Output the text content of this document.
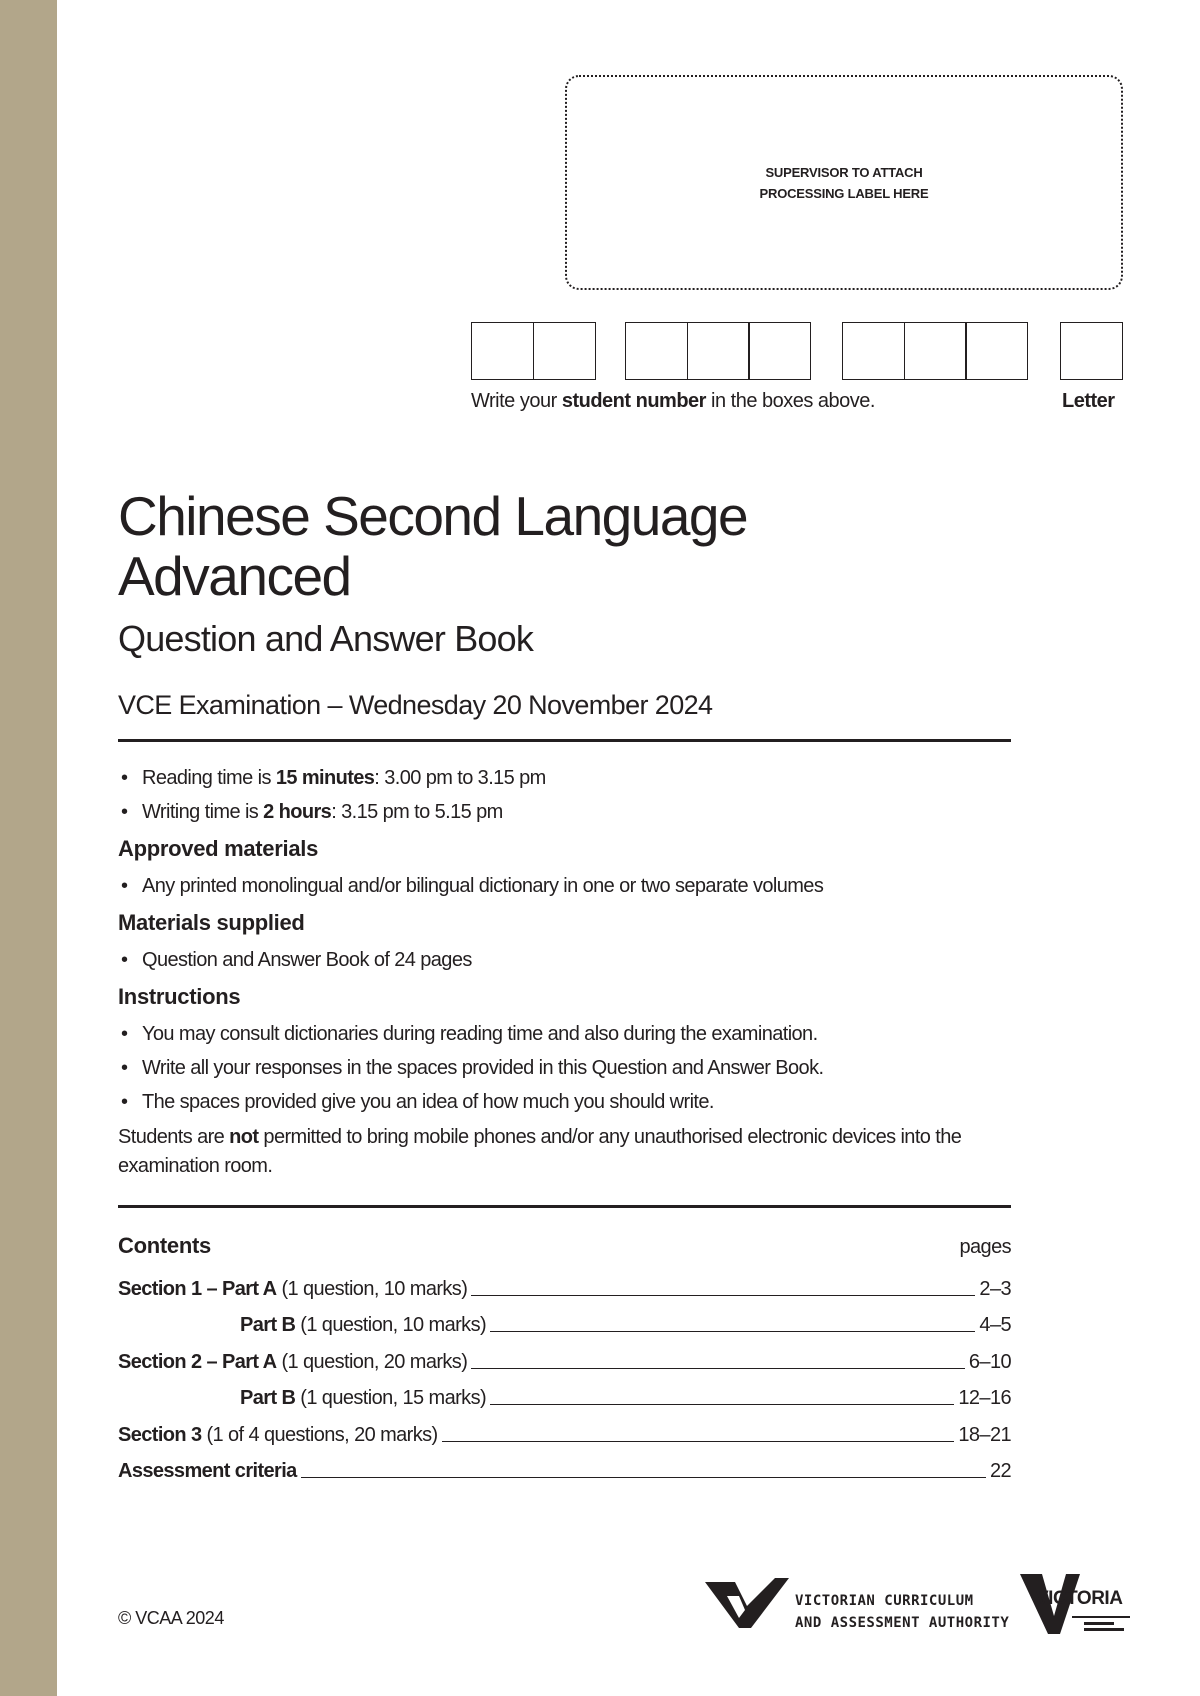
SUPERVISOR TO ATTACH
PROCESSING LABEL HERE
Write your student number in the boxes above.	Letter
Chinese Second Language
Advanced
Question and Answer Book
VCE Examination – Wednesday 20 November 2024
• Reading time is 15 minutes: 3.00 pm to 3.15 pm
• Writing time is 2 hours: 3.15 pm to 5.15 pm
Approved materials
• Any printed monolingual and/or bilingual dictionary in one or two separate volumes
Materials supplied
• Question and Answer Book of 24 pages
Instructions
• You may consult dictionaries during reading time and also during the examination.
• Write all your responses in the spaces provided in this Question and Answer Book.
• The spaces provided give you an idea of how much you should write.
Students are not permitted to bring mobile phones and/or any unauthorised electronic devices into the examination room.
Contents	pages
Section 1 – Part A (1 question, 10 marks)	2–3
Part B (1 question, 10 marks)	4–5
Section 2 – Part A (1 question, 20 marks)	6–10
Part B (1 question, 15 marks)	12–16
Section 3 (1 of 4 questions, 20 marks)	18–21
Assessment criteria	22
© VCAA 2024
VICTORIAN CURRICULUM
AND ASSESSMENT AUTHORITY
VICTORIA
